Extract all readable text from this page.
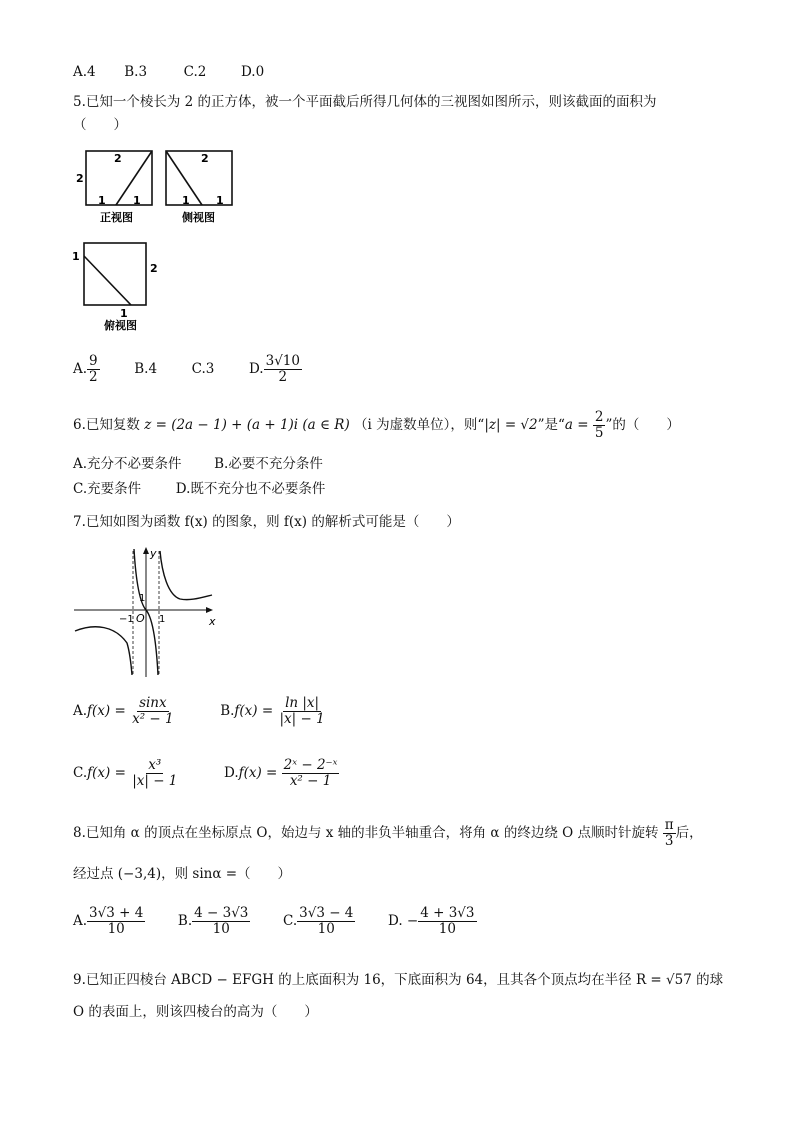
A.4 B.3	C.2	D.0
5.已知一个棱长为 2 的正方体，被一个平面截后所得几何体的三视图如图所示，则该截面的面积为
（　　）
2
2
1 1
正视图
2
1 1
侧视图
1
2
1
俯视图
A. $\frac{9}{2}$	B.4	C.3	D. $\frac{3√10}{2}$
6.已知复数 z = (2a − 1) + (a + 1)i (a ∈ R) （i 为虚数单位），则“|z| = √2”是“$a = \frac{2}{5}$ ”的（　　）
A.充分不必要条件 B.必要不充分条件
C.充要条件	D.既不充分也不必要条件
7.已知如图为函数 f(x) 的图象，则 f(x) 的解析式可能是（　　）
x
y
O
−1	1
1
$A.f(x) = \frac{\sin x}{\text{x² − 1}}$	$B.f(x) = \frac{\ln |x|}{|x| - 1}$
$C.f(x) = \frac{\text{x³}}{|x| - 1}$	$D.f(x) = \frac{\text{2ˣ − 2⁻ˣ}}{\text{x² − 1}}$
8.已知角 α 的顶点在坐标原点 O，始边与 x 轴的非负半轴重合，将角 α 的终边绕 O 点顺时针旋转 $\frac{\pi}{3}$ 后，
经过点 (−3,4)，则 sinα =（　　）
A. $\frac{3√3 + 4}{10} B$. $\frac{4 - 3√3}{10} C$. $\frac{3√3 - 4}{10} D$. − $\frac{4 + 3√3}{10}$
9.已知正四棱台 ABCD − EFGH 的上底面积为 16，下底面积为 64，且其各个顶点均在半径 R = √57 的球
O 的表面上，则该四棱台的高为（　　）
